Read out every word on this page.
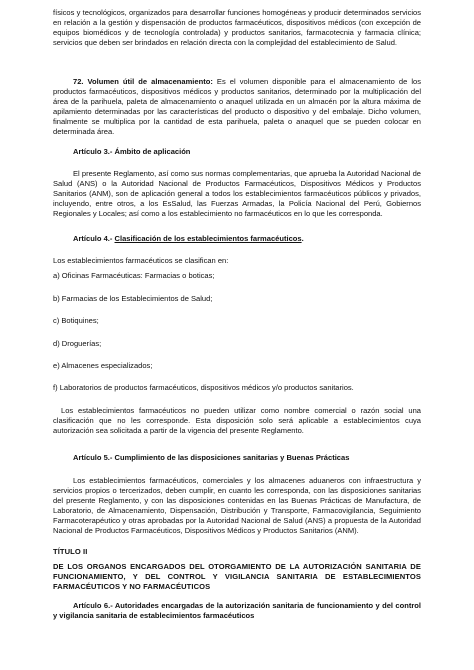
físicos y tecnológicos, organizados para desarrollar funciones homogéneas y producir determinados servicios en relación a la gestión y dispensación de productos farmacéuticos, dispositivos médicos (con excepción de equipos biomédicos y de tecnología controlada) y productos sanitarios, farmacotecnia y farmacia clínica; servicios que deben ser brindados en relación directa con la complejidad del establecimiento de Salud.

72. Volumen útil de almacenamiento: Es el volumen disponible para el almacenamiento de los productos farmacéuticos, dispositivos médicos y productos sanitarios, determinado por la multiplicación del área de la parihuela, paleta de almacenamiento o anaquel utilizada en un almacén por la altura máxima de apilamiento determinadas por las características del producto o dispositivo y del embalaje. Dicho volumen, finalmente se multiplica por la cantidad de esta parihuela, paleta o anaquel que se pueden colocar en determinada área.

Artículo 3.- Ámbito de aplicación

El presente Reglamento, así como sus normas complementarias, que aprueba la Autoridad Nacional de Salud (ANS) o la Autoridad Nacional de Productos Farmacéuticos, Dispositivos Médicos y Productos Sanitarios (ANM), son de aplicación general a todos los establecimientos farmacéuticos públicos y privados, incluyendo, entre otros, a los EsSalud, las Fuerzas Armadas, la Policía Nacional del Perú, Gobiernos Regionales y Locales; así como a los establecimiento no farmacéuticos en lo que les corresponda.

Artículo 4.- Clasificación de los establecimientos farmacéuticos.

Los establecimientos farmacéuticos se clasifican en:

a) Oficinas Farmacéuticas: Farmacias o boticas;

b) Farmacias de los Establecimientos de Salud;

c) Botiquines;

d) Droguerías;

e) Almacenes especializados;

f) Laboratorios de productos farmacéuticos, dispositivos médicos y/o productos sanitarios.

Los establecimientos farmacéuticos no pueden utilizar como nombre comercial o razón social una clasificación que no les corresponde. Esta disposición solo será aplicable a establecimientos cuya autorización sea solicitada a partir de la vigencia del presente Reglamento.

Artículo 5.- Cumplimiento de las disposiciones sanitarias y Buenas Prácticas

Los establecimientos farmacéuticos, comerciales y los almacenes aduaneros con infraestructura y servicios propios o tercerizados, deben cumplir, en cuanto les corresponda, con las disposiciones sanitarias del presente Reglamento, y con las disposiciones contenidas en las Buenas Prácticas de Manufactura, de Laboratorio, de Almacenamiento, Dispensación, Distribución y Transporte, Farmacovigilancia, Seguimiento Farmacoterapéutico y otras aprobadas por la Autoridad Nacional de Salud (ANS) a propuesta de la Autoridad Nacional de Productos Farmacéuticos, Dispositivos Médicos y Productos Sanitarios (ANM).

TÍTULO II

DE LOS ORGANOS ENCARGADOS DEL OTORGAMIENTO DE LA AUTORIZACIÓN SANITARIA DE FUNCIONAMIENTO, Y DEL CONTROL Y VIGILANCIA SANITARIA DE ESTABLECIMIENTOS FARMACÉUTICOS Y NO FARMACÉUTICOS

Artículo 6.- Autoridades encargadas de la autorización sanitaria de funcionamiento y del control y vigilancia sanitaria de establecimientos farmacéuticos
